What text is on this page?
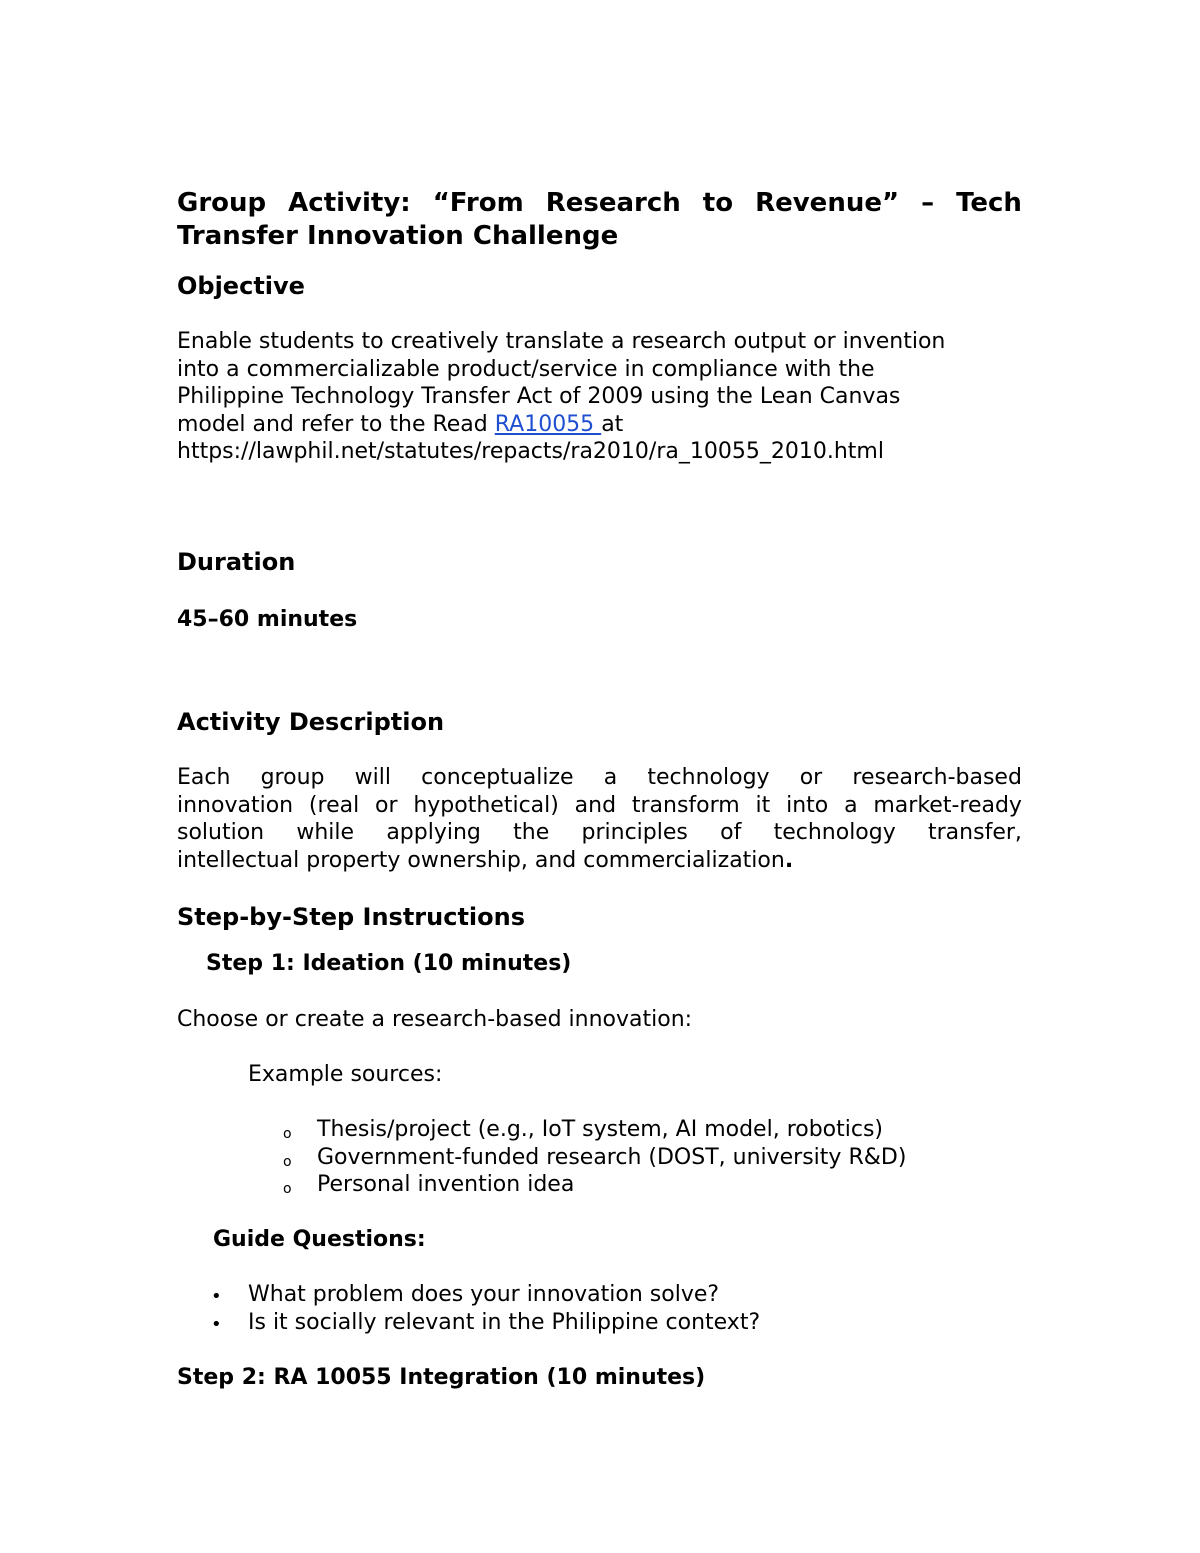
Group Activity: “From Research to Revenue” – Tech
Transfer Innovation Challenge
Objective
Enable students to creatively translate a research output or invention
into a commercializable product/service in compliance with the
Philippine Technology Transfer Act of 2009 using the Lean Canvas
model and refer to the Read RA10055 at
https://lawphil.net/statutes/repacts/ra2010/ra_10055_2010.html
Duration
45–60 minutes
Activity Description
Each group will conceptualize a technology or research-based
innovation (real or hypothetical) and transform it into a market-ready
solution while applying the principles of technology transfer,
intellectual property ownership, and commercialization .
Step-by-Step Instructions
Step 1: Ideation (10 minutes)
Choose or create a research-based innovation:
Example sources:
o Thesis/project (e.g., IoT system, AI model, robotics)
o Government-funded research (DOST, university R&D)
o Personal invention idea
Guide Questions:
• What problem does your innovation solve?
• Is it socially relevant in the Philippine context?
Step 2: RA 10055 Integration (10 minutes)
